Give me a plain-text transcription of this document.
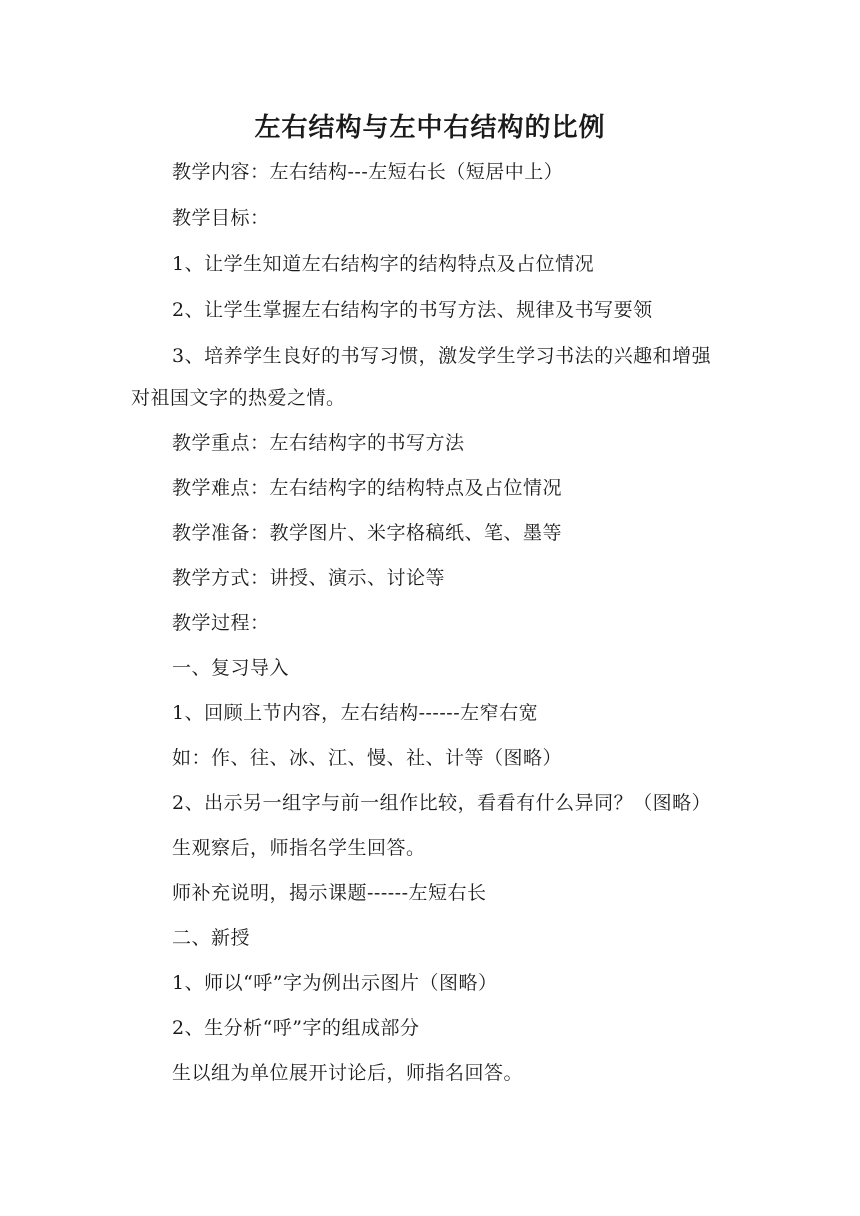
左右结构与左中右结构的比例

教学内容：左右结构---左短右长（短居中上）

教学目标：

1、让学生知道左右结构字的结构特点及占位情况

2、让学生掌握左右结构字的书写方法、规律及书写要领

3、培养学生良好的书写习惯，激发学生学习书法的兴趣和增强

对祖国文字的热爱之情。

教学重点：左右结构字的书写方法

教学难点：左右结构字的结构特点及占位情况

教学准备：教学图片、米字格稿纸、笔、墨等

教学方式：讲授、演示、讨论等

教学过程：

一、复习导入

1、回顾上节内容，左右结构------左窄右宽

如：作、往、冰、江、慢、社、计等（图略）

2、出示另一组字与前一组作比较，看看有什么异同？（图略）

生观察后，师指名学生回答。

师补充说明，揭示课题------左短右长

二、新授

1、师以“呼”字为例出示图片（图略）

2、生分析“呼”字的组成部分

生以组为单位展开讨论后，师指名回答。
